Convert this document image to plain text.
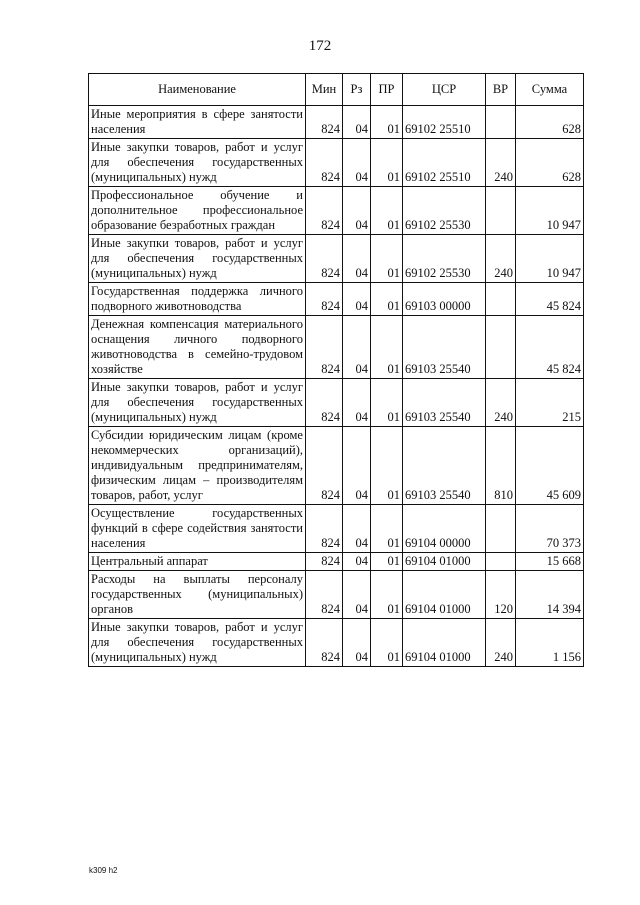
172
Наименование	Мин	Рз	ПР	ЦСР	ВР	Сумма
Иные мероприятия в сфере занятости населения	824	04	01	69102 25510		628
Иные закупки товаров, работ и услуг для обеспечения государственных (муниципальных) нужд	824	04	01	69102 25510	240	628
Профессиональное обучение и дополнительное профессиональное образование безработных граждан	824	04	01	69102 25530		10 947
Иные закупки товаров, работ и услуг для обеспечения государственных (муниципальных) нужд	824	04	01	69102 25530	240	10 947
Государственная поддержка личного подворного животноводства	824	04	01	69103 00000		45 824
Денежная компенсация материального оснащения личного подворного животноводства в семейно-трудовом хозяйстве	824	04	01	69103 25540		45 824
Иные закупки товаров, работ и услуг для обеспечения государственных (муниципальных) нужд	824	04	01	69103 25540	240	215
Субсидии юридическим лицам (кроме некоммерческих организаций), индивидуальным предпринимателям, физическим лицам – производителям товаров, работ, услуг	824	04	01	69103 25540	810	45 609
Осуществление государственных функций в сфере содействия занятости населения	824	04	01	69104 00000		70 373
Центральный аппарат	824	04	01	69104 01000		15 668
Расходы на выплаты персоналу государственных (муниципальных) органов	824	04	01	69104 01000	120	14 394
Иные закупки товаров, работ и услуг для обеспечения государственных (муниципальных) нужд	824	04	01	69104 01000	240	1 156
k309 h2
